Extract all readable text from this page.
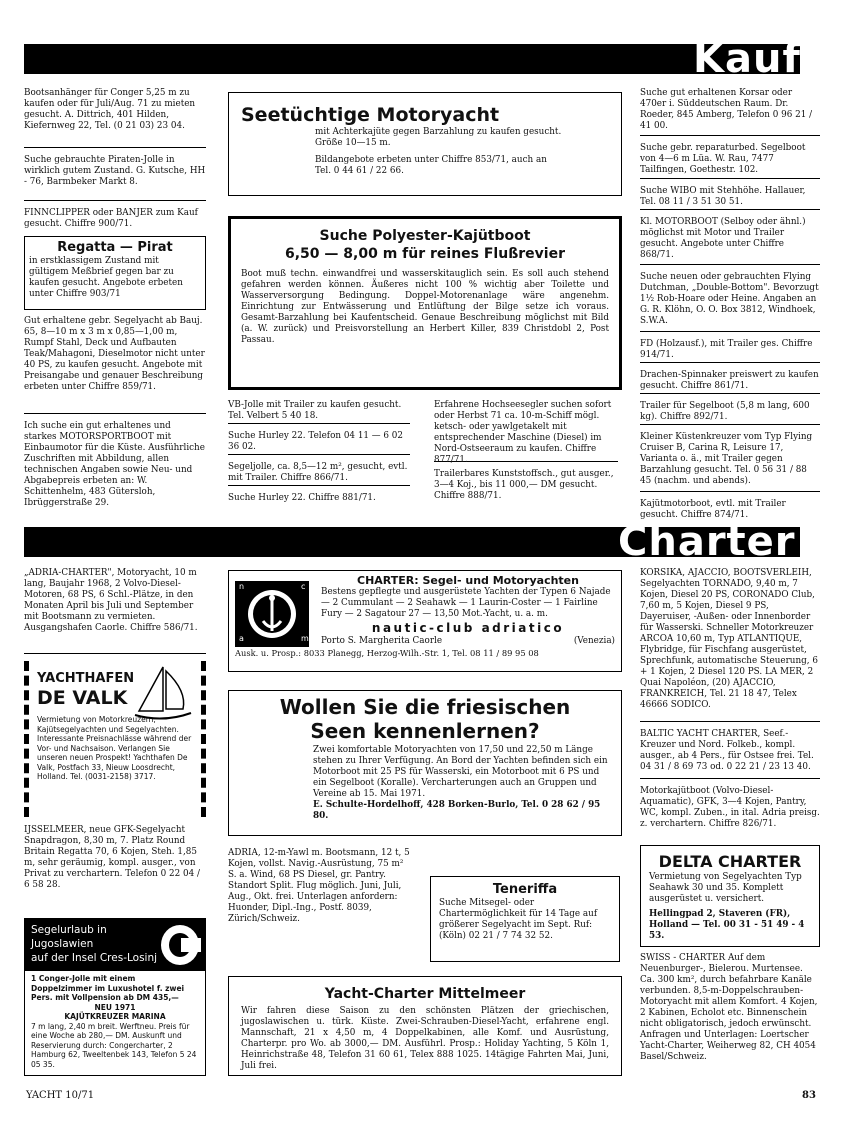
Kauf
Bootsanhänger für Conger 5,25 m zu kaufen oder für Juli/Aug. 71 zu mieten gesucht. A. Dittrich, 401 Hilden, Kiefernweg 22, Tel. (0 21 03) 23 04.
Suche gebrauchte Piraten-Jolle in wirklich gutem Zustand. G. Kutsche, HH - 76, Barmbeker Markt 8.
FINNCLIPPER oder BANJER zum Kauf gesucht. Chiffre 900/71.
Regatta — Pirat
in erstklassigem Zustand mit gültigem Meßbrief gegen bar zu kaufen gesucht. Angebote erbeten unter Chiffre 903/71
Gut erhaltene gebr. Segelyacht ab Bauj. 65, 8—10 m x 3 m x 0,85—1,00 m, Rumpf Stahl, Deck und Aufbauten Teak/Mahagoni, Dieselmotor nicht unter 40 PS, zu kaufen gesucht. Angebote mit Preisangabe und genauer Beschreibung erbeten unter Chiffre 859/71.
Ich suche ein gut erhaltenes und starkes MOTORSPORTBOOT mit Einbaumotor für die Küste. Ausführliche Zuschriften mit Abbildung, allen technischen Angaben sowie Neu- und Abgabepreis erbeten an: W. Schittenhelm, 483 Gütersloh, Ibrüggerstraße 29.
Seetüchtige Motoryacht
mit Achterkajüte gegen Barzahlung zu kaufen gesucht. Größe 10—15 m.
Bildangebote erbeten unter Chiffre 853/71, auch an Tel. 0 44 61 / 22 66.
Suche Polyester-Kajütboot
6,50 — 8,00 m für reines Flußrevier
Boot muß techn. einwandfrei und wasserskitauglich sein. Es soll auch stehend gefahren werden können. Äußeres nicht 100 % wichtig aber Toilette und Wasserversorgung Bedingung. Doppel-Motorenanlage wäre angenehm. Einrichtung zur Entwässerung und Entlüftung der Bilge setze ich voraus. Gesamt-Barzahlung bei Kaufentscheid. Genaue Beschreibung möglichst mit Bild (a. W. zurück) und Preisvorstellung an Herbert Killer, 839 Christdobl 2, Post Passau.
VB-Jolle mit Trailer zu kaufen gesucht. Tel. Velbert 5 40 18.
Suche Hurley 22. Telefon 04 11 — 6 02 36 02.
Segeljolle, ca. 8,5—12 m², gesucht, evtl. mit Trailer. Chiffre 866/71.
Suche Hurley 22. Chiffre 881/71.
Erfahrene Hochseesegler suchen sofort oder Herbst 71 ca. 10-m-Schiff mögl. ketsch- oder yawlgetakelt mit entsprechender Maschine (Diesel) im Nord-Ostseeraum zu kaufen. Chiffre 877/71.
Trailerbares Kunststoffsch., gut ausger., 3—4 Koj., bis 11 000,— DM gesucht. Chiffre 888/71.
Suche gut erhaltenen Korsar oder 470er i. Süddeutschen Raum. Dr. Roeder, 845 Amberg, Telefon 0 96 21 / 41 00.
Suche gebr. reparaturbed. Segelboot von 4—6 m Lüa. W. Rau, 7477 Tailfingen, Goethestr. 102.
Suche WIBO mit Stehhöhe. Hallauer, Tel. 08 11 / 3 51 30 51.
Kl. MOTORBOOT (Selboy oder ähnl.) möglichst mit Motor und Trailer gesucht. Angebote unter Chiffre 868/71.
Suche neuen oder gebrauchten Flying Dutchman, „Double-Bottom". Bevorzugt 1½ Rob-Hoare oder Heine. Angaben an G. R. Klöhn, O. O. Box 3812, Windhoek, S.W.A.
FD (Holzausf.), mit Trailer ges. Chiffre 914/71.
Drachen-Spinnaker preiswert zu kaufen gesucht. Chiffre 861/71.
Trailer für Segelboot (5,8 m lang, 600 kg). Chiffre 892/71.
Kleiner Küstenkreuzer vom Typ Flying Cruiser B, Carina R, Leisure 17, Varianta o. ä., mit Trailer gegen Barzahlung gesucht. Tel. 0 56 31 / 88 45 (nachm. und abends).
Kajütmotorboot, evtl. mit Trailer gesucht. Chiffre 874/71.
Charter
„ADRIA-CHARTER", Motoryacht, 10 m lang, Baujahr 1968, 2 Volvo-Diesel-Motoren, 68 PS, 6 Schl.-Plätze, in den Monaten April bis Juli und September mit Bootsmann zu vermieten. Ausgangshafen Caorle. Chiffre 586/71.
YACHTHAFEN
DE VALK
Vermietung von Motorkreuzern, Kajütsegelyachten und Segelyachten. Interessante Preisnachlässe während der Vor- und Nachsaison. Verlangen Sie unseren neuen Prospekt! Yachthafen De Valk, Postfach 33, Nieuw Loosdrecht, Holland. Tel. (0031-2158) 3717.
IJSSELMEER, neue GFK-Segelyacht Snapdragon, 8,30 m, 7. Platz Round Britain Regatta 70, 6 Kojen, Steh. 1,85 m, sehr geräumig, kompl. ausger., von Privat zu verchartern. Telefon 0 22 04 / 6 58 28.
Segelurlaub in
Jugoslawien
auf der Insel Cres-Losinj
1 Conger-Jolle mit einem Doppelzimmer im Luxushotel f. zwei Pers. mit Vollpension ab DM 435,—
NEU 1971
KAJÜTKREUZER MARINA
7 m lang, 2,40 m breit. Werftneu. Preis für eine Woche ab 280,— DM. Auskunft und Reservierung durch: Congercharter, 2 Hamburg 62, Tweeltenbek 143, Telefon 5 24 05 35.
n	c
a	m
CHARTER: Segel- und Motoryachten
Bestens gepflegte und ausgerüstete Yachten der Typen 6 Najade — 2 Cummulant — 2 Seahawk — 1 Laurin-Coster — 1 Fairline Fury — 2 Sagatour 27 — 13,50 Mot.-Yacht, u. a. m.
nautic-club adriatico
Porto S. Margherita Caorle	(Venezia)
Ausk. u. Prosp.: 8033 Planegg, Herzog-Wilh.-Str. 1, Tel. 08 11 / 89 95 08
Wollen Sie die friesischen
Seen kennenlernen?
Zwei komfortable Motoryachten von 17,50 und 22,50 m Länge stehen zu Ihrer Verfügung. An Bord der Yachten befinden sich ein Motorboot mit 25 PS für Wasserski, ein Motorboot mit 6 PS und ein Segelboot (Koralle). Vercharterungen auch an Gruppen und Vereine ab 15. Mai 1971.
E. Schulte-Hordelhoff, 428 Borken-Burlo, Tel. 0 28 62 / 95 80.
ADRIA, 12-m-Yawl m. Bootsmann, 12 t, 5 Kojen, vollst. Navig.-Ausrüstung, 75 m² S. a. Wind, 68 PS Diesel, gr. Pantry. Standort Split. Flug möglich. Juni, Juli, Aug., Okt. frei. Unterlagen anfordern: Huonder, Dipl.-Ing., Postf. 8039, Zürich/Schweiz.
Teneriffa
Suche Mitsegel- oder Chartermöglichkeit für 14 Tage auf größerer Segelyacht im Sept. Ruf: (Köln) 02 21 / 7 74 32 52.
Yacht-Charter Mittelmeer
Wir fahren diese Saison zu den schönsten Plätzen der griechischen, jugoslawischen u. türk. Küste. Zwei-Schrauben-Diesel-Yacht, erfahrene engl. Mannschaft, 21 x 4,50 m, 4 Doppelkabinen, alle Komf. und Ausrüstung, Charterpr. pro Wo. ab 3000,— DM. Ausführl. Prosp.: Holiday Yachting, 5 Köln 1, Heinrichstraße 48, Telefon 31 60 61, Telex 888 1025. 14tägige Fahrten Mai, Juni, Juli frei.
KORSIKA, AJACCIO, BOOTSVERLEIH, Segelyachten TORNADO, 9,40 m, 7 Kojen, Diesel 20 PS, CORONADO Club, 7,60 m, 5 Kojen, Diesel 9 PS, Dayeruiser, -Außen- oder Innenborder für Wasserski. Schneller Motorkreuzer ARCOA 10,60 m, Typ ATLANTIQUE, Flybridge, für Fischfang ausgerüstet, Sprechfunk, automatische Steuerung, 6 + 1 Kojen, 2 Diesel 120 PS. LA MER, 2 Quai Napoléon, (20) AJACCIO, FRANKREICH, Tel. 21 18 47, Telex 46666 SODICO.
BALTIC YACHT CHARTER, Seef.-Kreuzer und Nord. Folkeb., kompl. ausger., ab 4 Pers., für Ostsee frei. Tel. 04 31 / 8 69 73 od. 0 22 21 / 23 13 40.
Motorkajütboot (Volvo-Diesel-Aquamatic), GFK, 3—4 Kojen, Pantry, WC, kompl. Zuben., in ital. Adria preisg. z. verchartern. Chiffre 826/71.
DELTA CHARTER
Vermietung von Segelyachten Typ Seahawk 30 und 35. Komplett ausgerüstet u. versichert.
Hellingpad 2, Staveren (FR), Holland — Tel. 00 31 - 51 49 - 4 53.
SWISS - CHARTER Auf dem Neuenburger-, Bielerou. Murtensee. Ca. 300 km², durch befahrbare Kanäle verbunden. 8,5-m-Doppelschrauben-Motoryacht mit allem Komfort. 4 Kojen, 2 Kabinen, Echolot etc. Binnenschein nicht obligatorisch, jedoch erwünscht. Anfragen und Unterlagen: Loertscher Yacht-Charter, Weiherweg 82, CH 4054 Basel/Schweiz.
YACHT 10/71	83
